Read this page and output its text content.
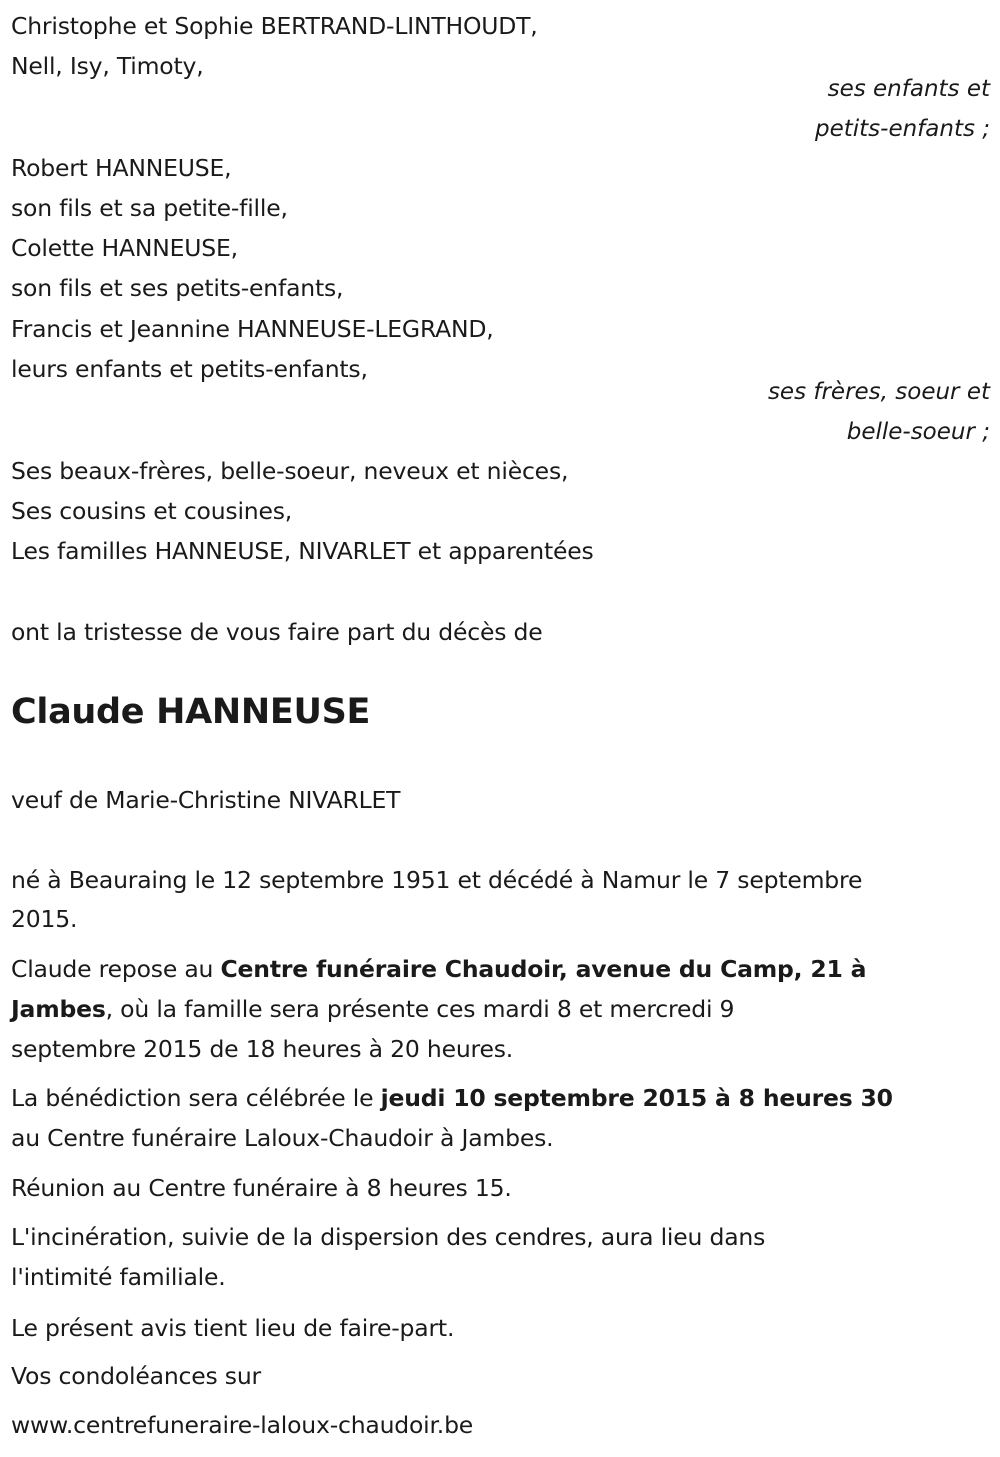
Christophe et Sophie BERTRAND-LINTHOUDT,
Nell, Isy, Timoty,
ses enfants et
petits-enfants ;
Robert HANNEUSE,
son fils et sa petite-fille,
Colette HANNEUSE,
son fils et ses petits-enfants,
Francis et Jeannine HANNEUSE-LEGRAND,
leurs enfants et petits-enfants,
ses frères, soeur et
belle-soeur ;
Ses beaux-frères, belle-soeur, neveux et nièces,
Ses cousins et cousines,
Les familles HANNEUSE, NIVARLET et apparentées
ont la tristesse de vous faire part du décès de
Claude HANNEUSE
veuf de Marie-Christine NIVARLET
né à Beauraing le 12 septembre 1951 et décédé à Namur le 7 septembre
2015.
Claude repose au Centre funéraire Chaudoir, avenue du Camp, 21 à
Jambes, où la famille sera présente ces mardi 8 et mercredi 9
septembre 2015 de 18 heures à 20 heures.
La bénédiction sera célébrée le jeudi 10 septembre 2015 à 8 heures 30
au Centre funéraire Laloux-Chaudoir à Jambes.
Réunion au Centre funéraire à 8 heures 15.
L'incinération, suivie de la dispersion des cendres, aura lieu dans
l'intimité familiale.
Le présent avis tient lieu de faire-part.
Vos condoléances sur
www.centrefuneraire-laloux-chaudoir.be
